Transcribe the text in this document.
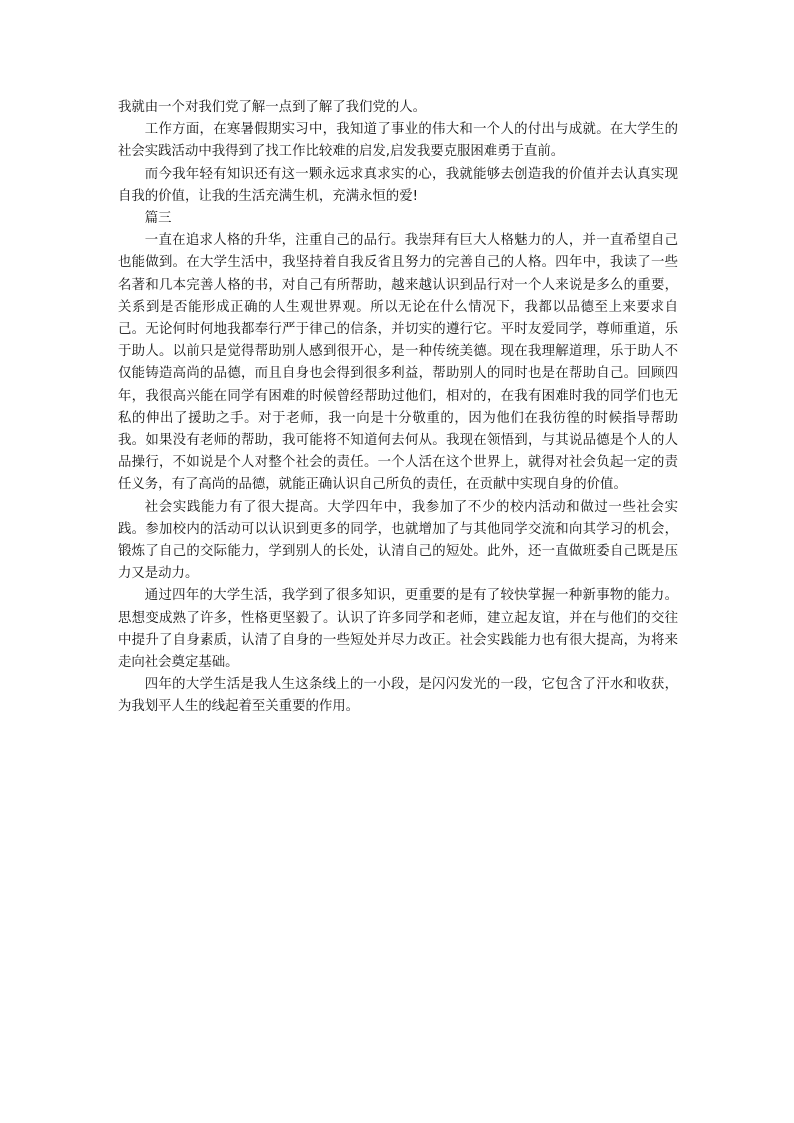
我就由一个对我们党了解一点到了解了我们党的人。

工作方面，在寒暑假期实习中，我知道了事业的伟大和一个人的付出与成就。在大学生的社会实践活动中我得到了找工作比较难的启发,启发我要克服困难勇于直前。

而今我年轻有知识还有这一颗永远求真求实的心，我就能够去创造我的价值并去认真实现自我的价值，让我的生活充满生机，充满永恒的爱!

篇三

一直在追求人格的升华，注重自己的品行。我崇拜有巨大人格魅力的人，并一直希望自己也能做到。在大学生活中，我坚持着自我反省且努力的完善自己的人格。四年中，我读了一些名著和几本完善人格的书，对自己有所帮助，越来越认识到品行对一个人来说是多么的重要，关系到是否能形成正确的人生观世界观。所以无论在什么情况下，我都以品德至上来要求自己。无论何时何地我都奉行严于律己的信条，并切实的遵行它。平时友爱同学，尊师重道，乐于助人。以前只是觉得帮助别人感到很开心，是一种传统美德。现在我理解道理，乐于助人不仅能铸造高尚的品德，而且自身也会得到很多利益，帮助别人的同时也是在帮助自己。回顾四年，我很高兴能在同学有困难的时候曾经帮助过他们，相对的，在我有困难时我的同学们也无私的伸出了援助之手。对于老师，我一向是十分敬重的，因为他们在我彷徨的时候指导帮助我。如果没有老师的帮助，我可能将不知道何去何从。我现在领悟到，与其说品德是个人的人品操行，不如说是个人对整个社会的责任。一个人活在这个世界上，就得对社会负起一定的责任义务，有了高尚的品德，就能正确认识自己所负的责任，在贡献中实现自身的价值。

社会实践能力有了很大提高。大学四年中，我参加了不少的校内活动和做过一些社会实践。参加校内的活动可以认识到更多的同学，也就增加了与其他同学交流和向其学习的机会，锻炼了自己的交际能力，学到别人的长处，认清自己的短处。此外，还一直做班委自己既是压力又是动力。

通过四年的大学生活，我学到了很多知识，更重要的是有了较快掌握一种新事物的能力。思想变成熟了许多，性格更坚毅了。认识了许多同学和老师，建立起友谊，并在与他们的交往中提升了自身素质，认清了自身的一些短处并尽力改正。社会实践能力也有很大提高，为将来走向社会奠定基础。

四年的大学生活是我人生这条线上的一小段，是闪闪发光的一段，它包含了汗水和收获，为我划平人生的线起着至关重要的作用。
